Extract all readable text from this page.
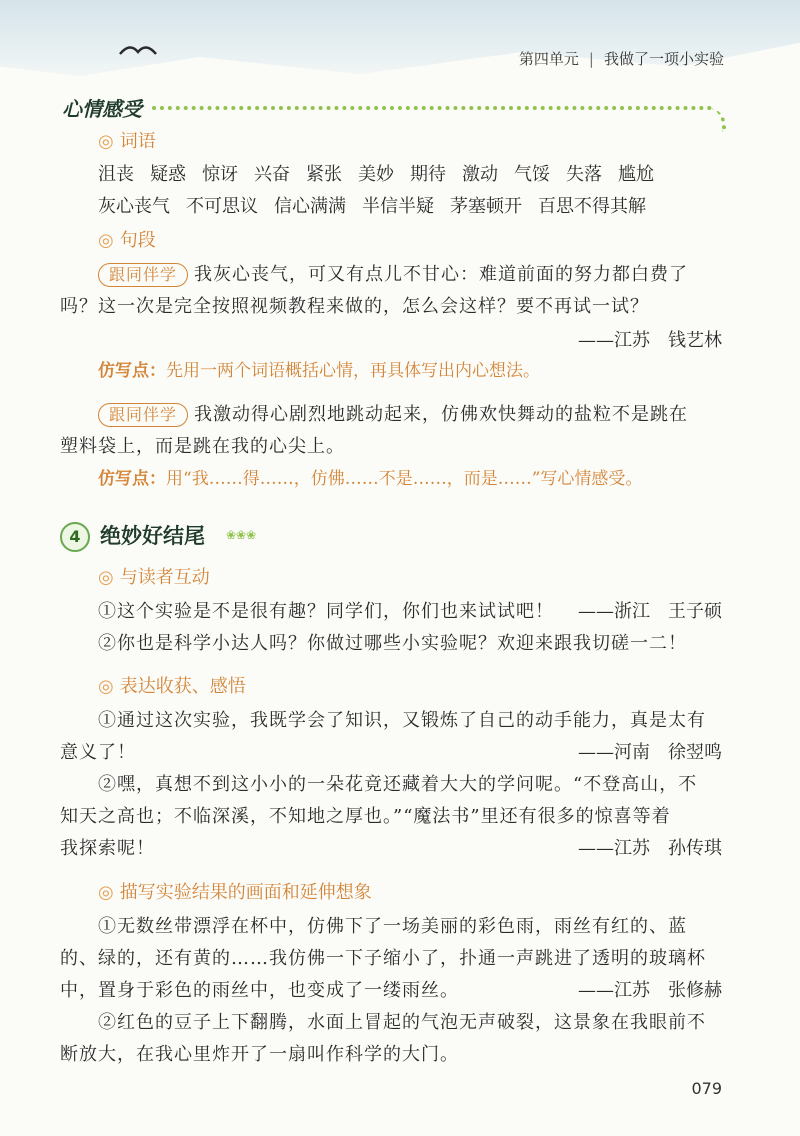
第四单元 | 我做了一项小实验
心情感受
◎ 词语
沮丧 疑惑 惊讶 兴奋 紧张 美妙 期待 激动 气馁 失落 尴尬
灰心丧气 不可思议 信心满满 半信半疑 茅塞顿开 百思不得其解
◎ 句段
跟同伴学 我灰心丧气，可又有点儿不甘心：难道前面的努力都白费了
吗？这一次是完全按照视频教程来做的，怎么会这样？要不再试一试？
——江苏　钱艺林
仿写点：先用一两个词语概括心情，再具体写出内心想法。
跟同伴学 我激动得心剧烈地跳动起来，仿佛欢快舞动的盐粒不是跳在
塑料袋上，而是跳在我的心尖上。
仿写点：用“我……得……，仿佛……不是……，而是……”写心情感受。
4 绝妙好结尾 ❀❀❀
◎ 与读者互动
①这个实验是不是很有趣？同学们，你们也来试试吧！ ——浙江　王子硕
②你也是科学小达人吗？你做过哪些小实验呢？欢迎来跟我切磋一二！
◎ 表达收获、感悟
①通过这次实验，我既学会了知识，又锻炼了自己的动手能力，真是太有
意义了！	——河南　徐翌鸣
②嘿，真想不到这小小的一朵花竟还藏着大大的学问呢。“不登高山，不
知天之高也；不临深溪，不知地之厚也。”“魔法书”里还有很多的惊喜等着
我探索呢！	——江苏　孙传琪
◎ 描写实验结果的画面和延伸想象
①无数丝带漂浮在杯中，仿佛下了一场美丽的彩色雨，雨丝有红的、蓝
的、绿的，还有黄的……我仿佛一下子缩小了，扑通一声跳进了透明的玻璃杯
中，置身于彩色的雨丝中，也变成了一缕雨丝。	——江苏　张修赫
②红色的豆子上下翻腾，水面上冒起的气泡无声破裂，这景象在我眼前不
断放大，在我心里炸开了一扇叫作科学的大门。
079
